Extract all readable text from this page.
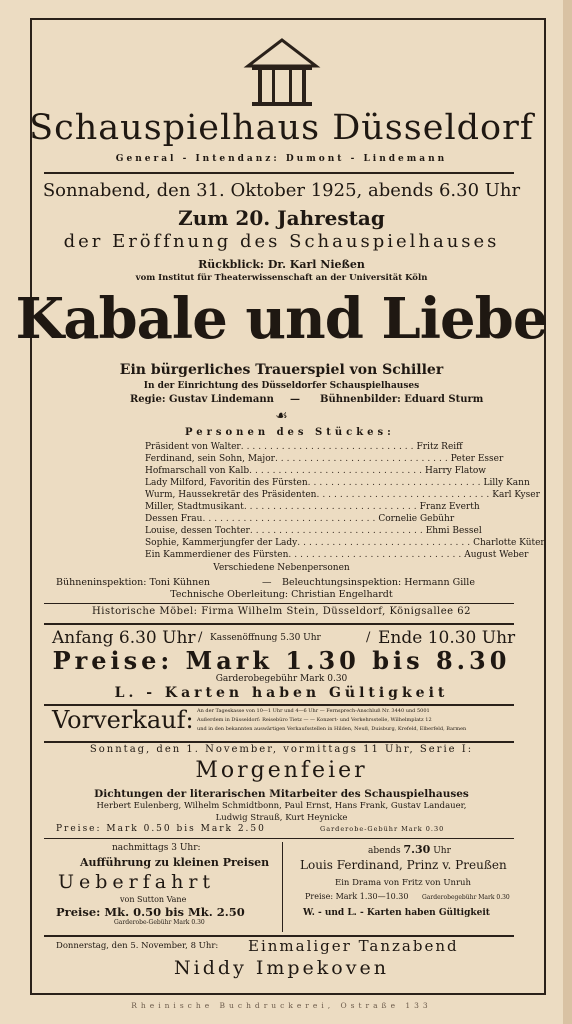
Schauspielhaus Düsseldorf
General - Intendanz: Dumont - Lindemann
Sonnabend, den 31. Oktober 1925, abends 6.30 Uhr
Zum 20. Jahrestag
der Eröffnung des Schauspielhauses
Rückblick: Dr. Karl Nießen
vom Institut für Theaterwissenschaft an der Universität Köln
Kabale und Liebe
Ein bürgerliches Trauerspiel von Schiller
In der Einrichtung des Düsseldorfer Schauspielhauses
Regie: Gustav Lindemann — Bühnenbilder: Eduard Sturm
☙
Personen des Stückes:
Präsident von Walter .............................. Fritz Reiff
Ferdinand, sein Sohn, Major .............................. Peter Esser
Hofmarschall von Kalb .............................. Harry Flatow
Lady Milford, Favoritin des Fürsten .............................. Lilly Kann
Wurm, Haussekretär des Präsidenten .............................. Karl Kyser
Miller, Stadtmusikant .............................. Franz Everth
Dessen Frau .............................. Cornelie Gebühr
Louise, dessen Tochter .............................. Ehmi Bessel
Sophie, Kammerjungfer der Lady .............................. Charlotte Küter
Ein Kammerdiener des Fürsten .............................. August Weber
Verschiedene Nebenpersonen
Bühneninspektion: Toni Kühnen	— Beleuchtungsinspektion: Hermann Gille
Technische Oberleitung: Christian Engelhardt
Historische Möbel: Firma Wilhelm Stein, Düsseldorf, Königsallee 62
Anfang 6.30 Uhr / Kassenöffnung 5.30 Uhr	/ Ende 10.30 Uhr
Preise: Mark 1.30 bis 8.30
Garderobegebühr Mark 0.30
L. - Karten haben Gültigkeit
Vorverkauf: An der Tageskasse von 10—1 Uhr und 4—6 Uhr — Fernsprech-Anschluß Nr. 3440 und 5001
Außerdem in Düsseldorf: Reisebüro Tietz — — Konzert- und Verkehrsstelle, Wilhelmplatz 12
und in den bekannten auswärtigen Verkaufsstellen in Hilden, Neuß, Duisburg, Krefeld, Elberfeld, Barmen
Sonntag, den 1. November, vormittags 11 Uhr, Serie I:
Morgenfeier
Dichtungen der literarischen Mitarbeiter des Schauspielhauses
Herbert Eulenberg, Wilhelm Schmidtbonn, Paul Ernst, Hans Frank, Gustav Landauer,
Ludwig Strauß, Kurt Heynicke
Preise: Mark 0.50 bis Mark 2.50	Garderobe-Gebühr Mark 0.30
nachmittags 3 Uhr:
Aufführung zu kleinen Preisen
Ueberfahrt
von Sutton Vane
Preise: Mk. 0.50 bis Mk. 2.50
Garderobe-Gebühr Mark 0.30
abends 7.30 Uhr
Louis Ferdinand, Prinz v. Preußen
Ein Drama von Fritz von Unruh
Preise: Mark 1.30—10.30 Garderobegebühr Mark 0.30
W. - und L. - Karten haben Gültigkeit
Donnerstag, den 5. November, 8 Uhr: Einmaliger Tanzabend
Niddy Impekoven
Rheinische Buchdruckerei, Ostraße 133
